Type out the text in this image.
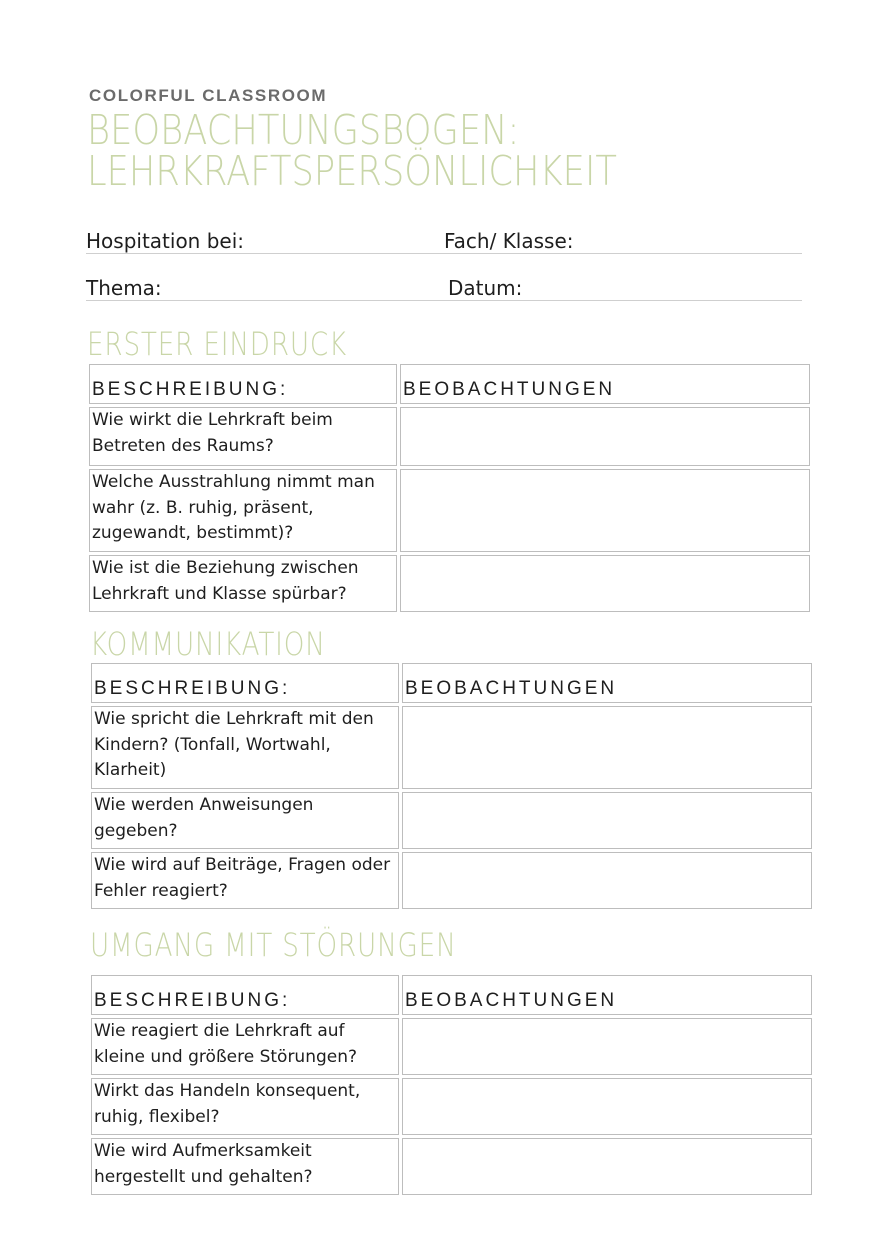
COLORFUL CLASSROOM
BEOBACHTUNGSBOGEN:
LEHRKRAFTSPERSÖNLICHKEIT
Hospitation bei:	Fach/ Klasse:
Thema:	Datum:
ERSTER EINDRUCK
BESCHREIBUNG:	BEOBACHTUNGEN
Wie wirkt die Lehrkraft beim Betreten des Raums?	
Welche Ausstrahlung nimmt man wahr (z. B. ruhig, präsent, zugewandt, bestimmt)?	
Wie ist die Beziehung zwischen Lehrkraft und Klasse spürbar?	
KOMMUNIKATION
BESCHREIBUNG:	BEOBACHTUNGEN
Wie spricht die Lehrkraft mit den Kindern? (Tonfall, Wortwahl, Klarheit)	
Wie werden Anweisungen gegeben?	
Wie wird auf Beiträge, Fragen oder Fehler reagiert?	
UMGANG MIT STÖRUNGEN
BESCHREIBUNG:	BEOBACHTUNGEN
Wie reagiert die Lehrkraft auf kleine und größere Störungen?	
Wirkt das Handeln konsequent, ruhig, flexibel?	
Wie wird Aufmerksamkeit hergestellt und gehalten?	
